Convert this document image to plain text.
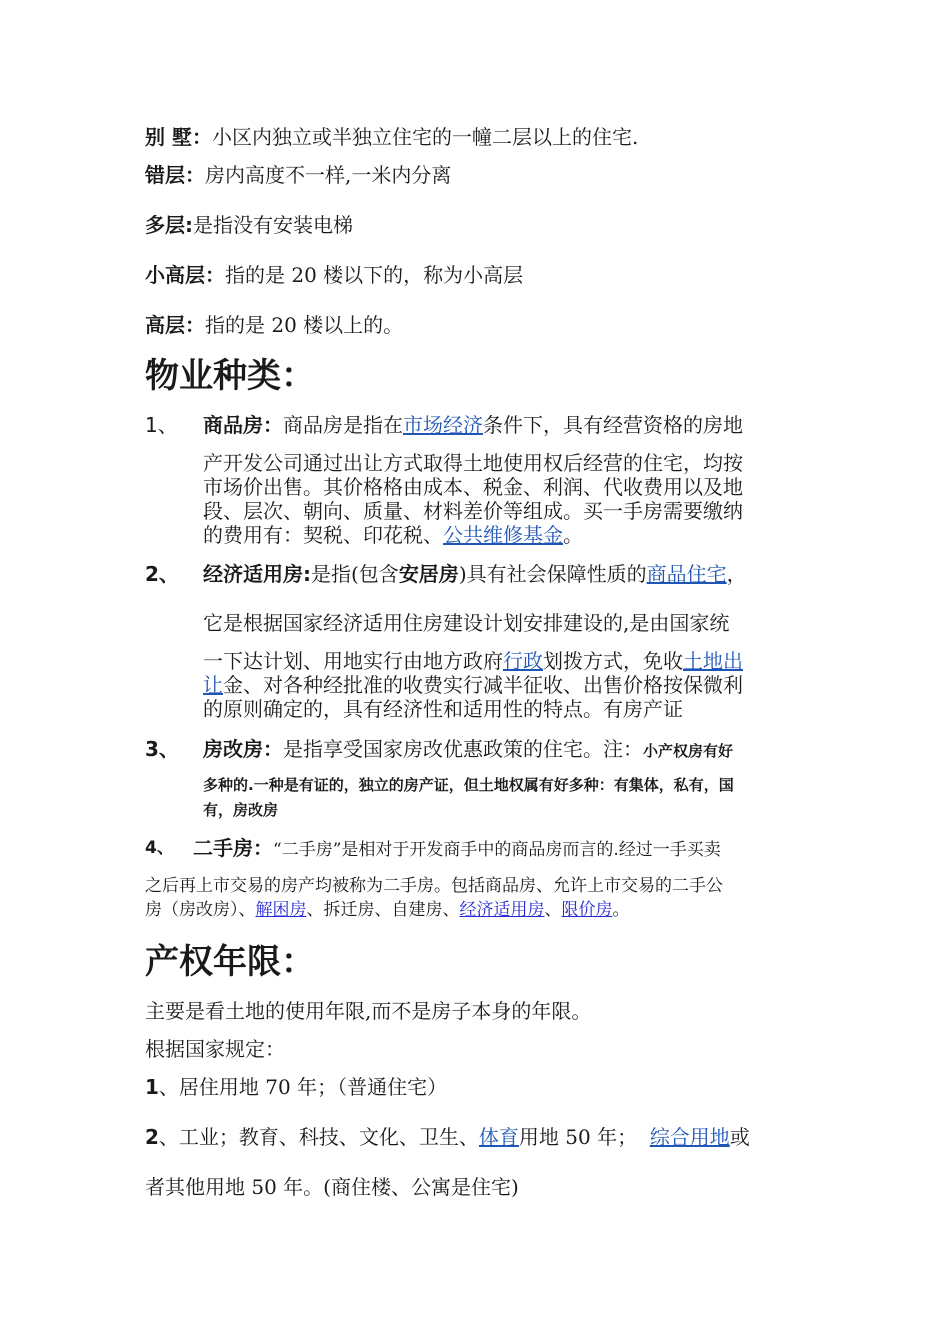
别 墅：小区内独立或半独立住宅的一幢二层以上的住宅.
错层：房内高度不一样,一米内分离
多层:是指没有安装电梯
小高层：指的是 20 楼以下的，称为小高层
高层：指的是 20 楼以上的。
物业种类：
1、 商品房：商品房是指在市场经济条件下，具有经营资格的房地
产开发公司通过出让方式取得土地使用权后经营的住宅，均按
市场价出售。其价格格由成本、税金、利润、代收费用以及地
段、层次、朝向、质量、材料差价等组成。买一手房需要缴纳
的费用有：契税、印花税、公共维修基金。
2、 经济适用房:是指(包含安居房)具有社会保障性质的商品住宅，
它是根据国家经济适用住房建设计划安排建设的,是由国家统
一下达计划、用地实行由地方政府行政划拨方式，免收土地出
让金、对各种经批准的收费实行减半征收、出售价格按保微利
的原则确定的，具有经济性和适用性的特点。有房产证
3、 房改房：是指享受国家房改优惠政策的住宅。注：小产权房有好
多种的.一种是有证的，独立的房产证，但土地权属有好多种：有集体，私有，国
有，房改房
4、 二手房：“二手房”是相对于开发商手中的商品房而言的.经过一手买卖
之后再上市交易的房产均被称为二手房。包括商品房、允许上市交易的二手公
房（房改房）、解困房、拆迁房、自建房、经济适用房、限价房。
产权年限：
主要是看土地的使用年限,而不是房子本身的年限。
根据国家规定：
1、居住用地 70 年；（普通住宅）
2、工业；教育、科技、文化、卫生、体育用地 50 年；  综合用地或
者其他用地 50 年。(商住楼、公寓是住宅)
